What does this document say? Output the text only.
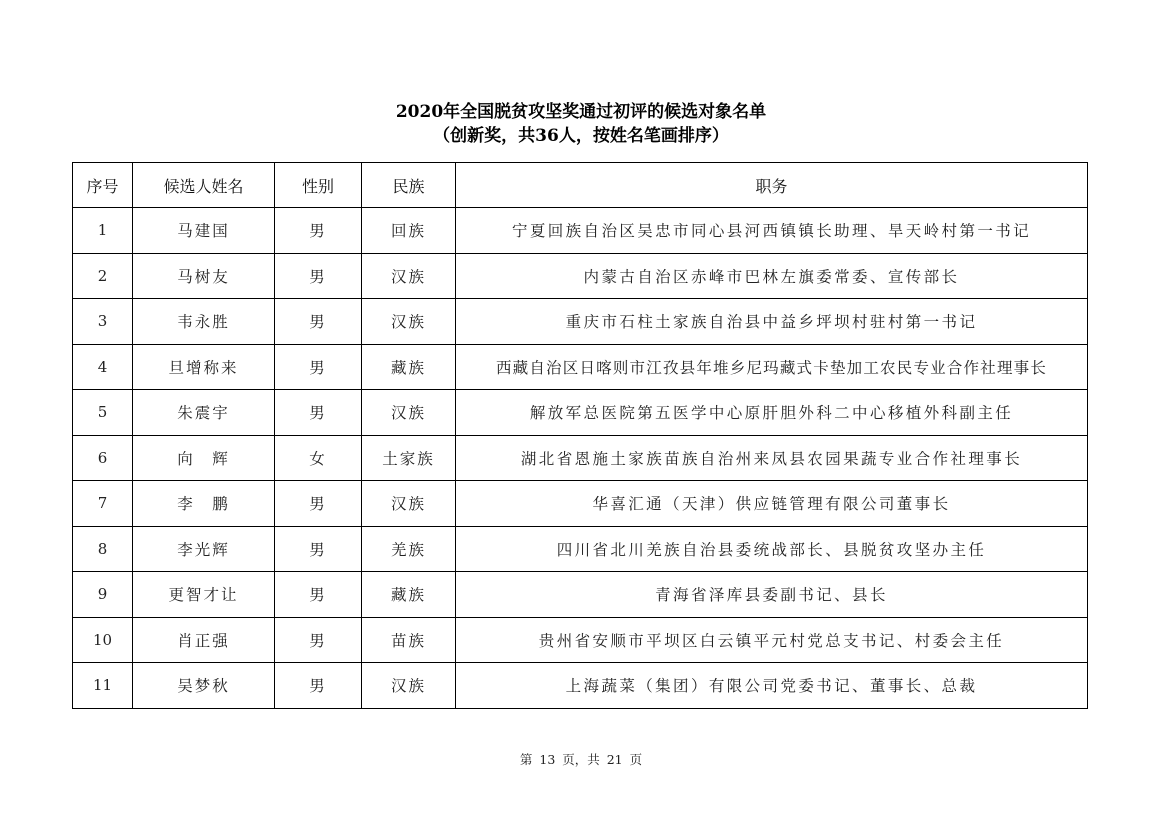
2020年全国脱贫攻坚奖通过初评的候选对象名单
（创新奖，共36人，按姓名笔画排序）
序号	候选人姓名	性别	民族	职务
1	马建国	男	回族	宁夏回族自治区吴忠市同心县河西镇镇长助理、旱天岭村第一书记
2	马树友	男	汉族	内蒙古自治区赤峰市巴林左旗委常委、宣传部长
3	韦永胜	男	汉族	重庆市石柱土家族自治县中益乡坪坝村驻村第一书记
4	旦增称来	男	藏族	西藏自治区日喀则市江孜县年堆乡尼玛藏式卡垫加工农民专业合作社理事长
5	朱震宇	男	汉族	解放军总医院第五医学中心原肝胆外科二中心移植外科副主任
6	向　辉	女	土家族	湖北省恩施土家族苗族自治州来凤县农园果蔬专业合作社理事长
7	李　鹏	男	汉族	华喜汇通（天津）供应链管理有限公司董事长
8	李光辉	男	羌族	四川省北川羌族自治县委统战部长、县脱贫攻坚办主任
9	更智才让	男	藏族	青海省泽库县委副书记、县长
10	肖正强	男	苗族	贵州省安顺市平坝区白云镇平元村党总支书记、村委会主任
11	吴梦秋	男	汉族	上海蔬菜（集团）有限公司党委书记、董事长、总裁
第 13 页，共 21 页
